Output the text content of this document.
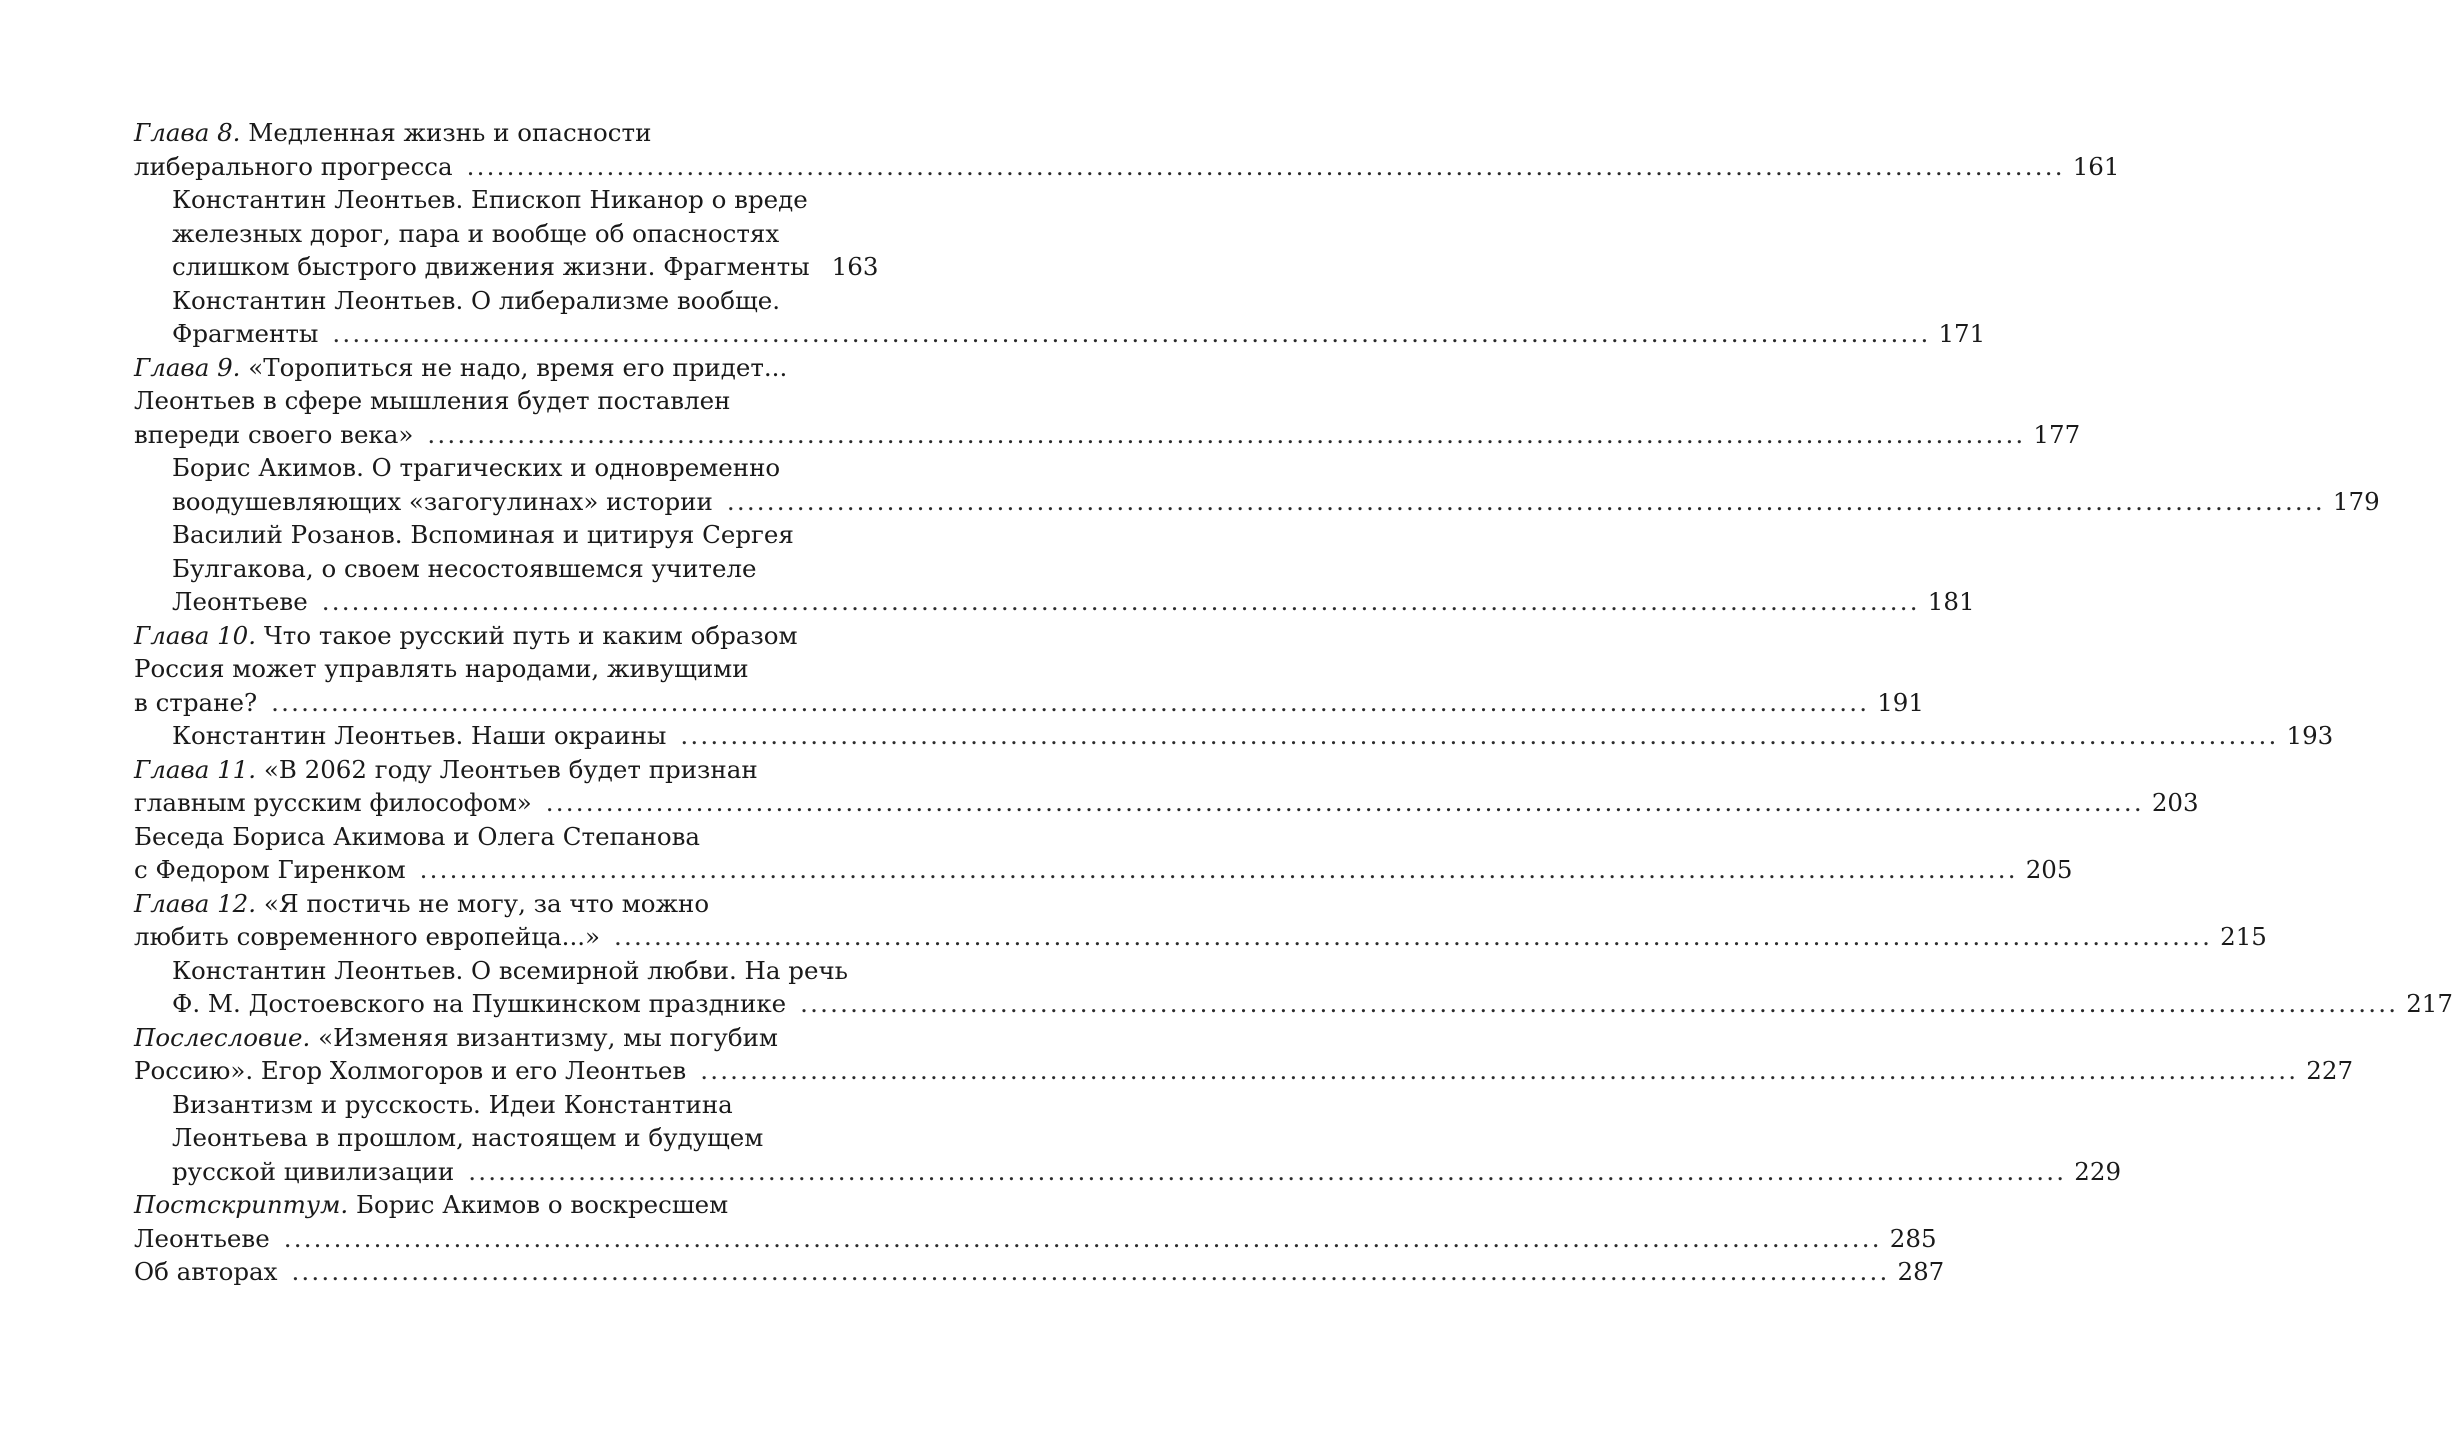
Глава 8. Медленная жизнь и опасности
либерального прогресса .....	161
Константин Леонтьев. Епископ Никанор о вреде
железных дорог, пара и вообще об опасностях
слишком быстрого движения жизни. Фрагменты 163
Константин Леонтьев. О либерализме вообще.
Фрагменты .....	171
Глава 9. «Торопиться не надо, время его придет...
Леонтьев в сфере мышления будет поставлен
впереди своего века» .....	177
Борис Акимов. О трагических и одновременно
воодушевляющих «загогулинах» истории .....	179
Василий Розанов. Вспоминая и цитируя Сергея
Булгакова, о своем несостоявшемся учителе
Леонтьеве .....	181
Глава 10. Что такое русский путь и каким образом
Россия может управлять народами, живущими
в стране? .....	191
Константин Леонтьев. Наши окраины .....	193
Глава 11. «В 2062 году Леонтьев будет признан
главным русским философом» .....	203
Беседа Бориса Акимова и Олега Степанова
с Федором Гиренком .....	205
Глава 12. «Я постичь не могу, за что можно
любить современного европейца...» .....	215
Константин Леонтьев. О всемирной любви. На речь
Ф. М. Достоевского на Пушкинском празднике .....	217
Послесловие. «Изменяя византизму, мы погубим
Россию». Егор Холмогоров и его Леонтьев .....	227
Византизм и русскость. Идеи Константина
Леонтьева в прошлом, настоящем и будущем
русской цивилизации .....	229
Постскриптум. Борис Акимов о воскресшем
Леонтьеве .....	285
Об авторах .....	287
